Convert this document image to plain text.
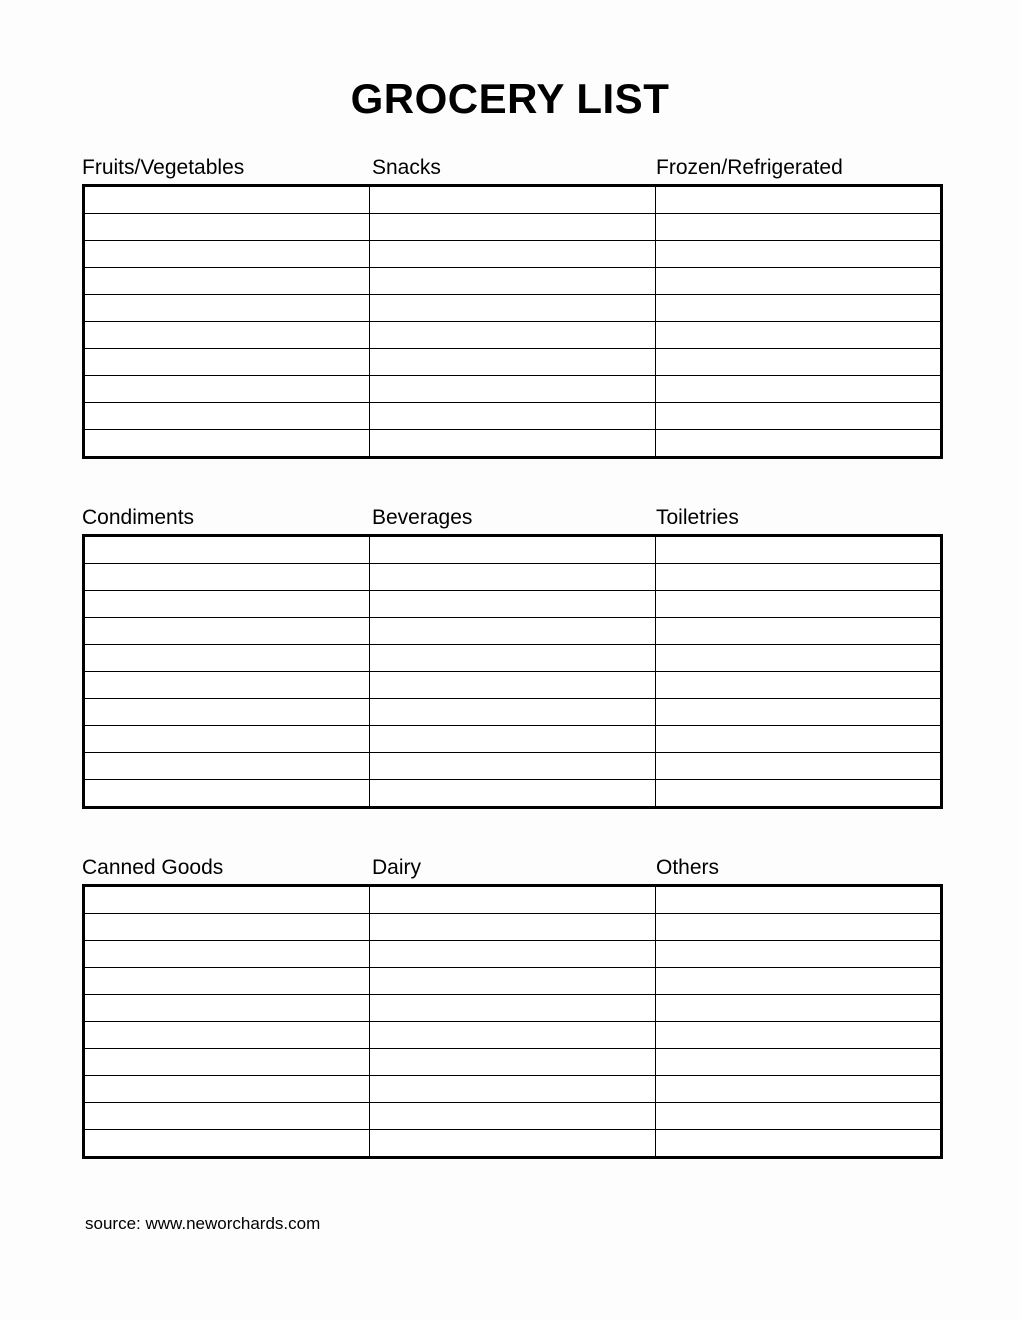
GROCERY LIST
Fruits/Vegetables	Snacks	Frozen/Refrigerated

Condiments	Beverages	Toiletries

Canned Goods	Dairy	Others

source: www.neworchards.com
